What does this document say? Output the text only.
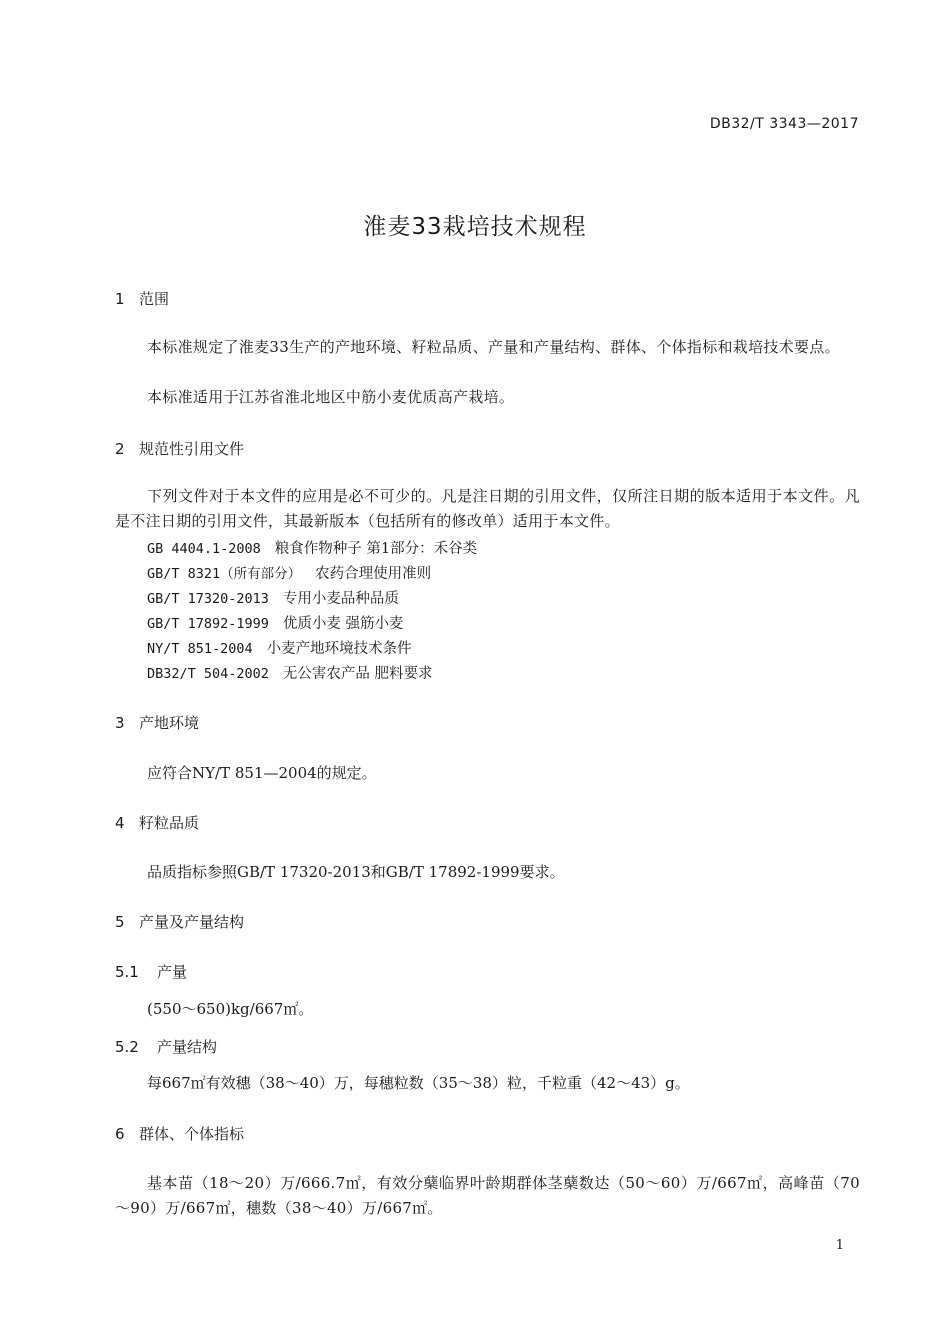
DB32/T 3343—2017
淮麦33栽培技术规程
1 范围
本标准规定了淮麦33生产的产地环境、籽粒品质、产量和产量结构、群体、个体指标和栽培技术要点。
本标准适用于江苏省淮北地区中筋小麦优质高产栽培。
2 规范性引用文件
下列文件对于本文件的应用是必不可少的。凡是注日期的引用文件，仅所注日期的版本适用于本文件。凡是不注日期的引用文件，其最新版本（包括所有的修改单）适用于本文件。
GB 4404.1-2008 粮食作物种子 第1部分：禾谷类
GB/T 8321（所有部分） 农药合理使用准则
GB/T 17320-2013 专用小麦品种品质
GB/T 17892-1999 优质小麦 强筋小麦
NY/T 851-2004 小麦产地环境技术条件
DB32/T 504-2002 无公害农产品 肥料要求
3 产地环境
应符合NY/T 851—2004的规定。
4 籽粒品质
品质指标参照GB/T 17320-2013和GB/T 17892-1999要求。
5 产量及产量结构
5.1 产量
(550～650)kg/667㎡。
5.2 产量结构
每667㎡有效穗（38～40）万，每穗粒数（35～38）粒，千粒重（42～43）g。
6 群体、个体指标
基本苗（18～20）万/666.7㎡，有效分蘖临界叶龄期群体茎蘖数达（50～60）万/667㎡，高峰苗（70～90）万/667㎡，穗数（38～40）万/667㎡。
1
